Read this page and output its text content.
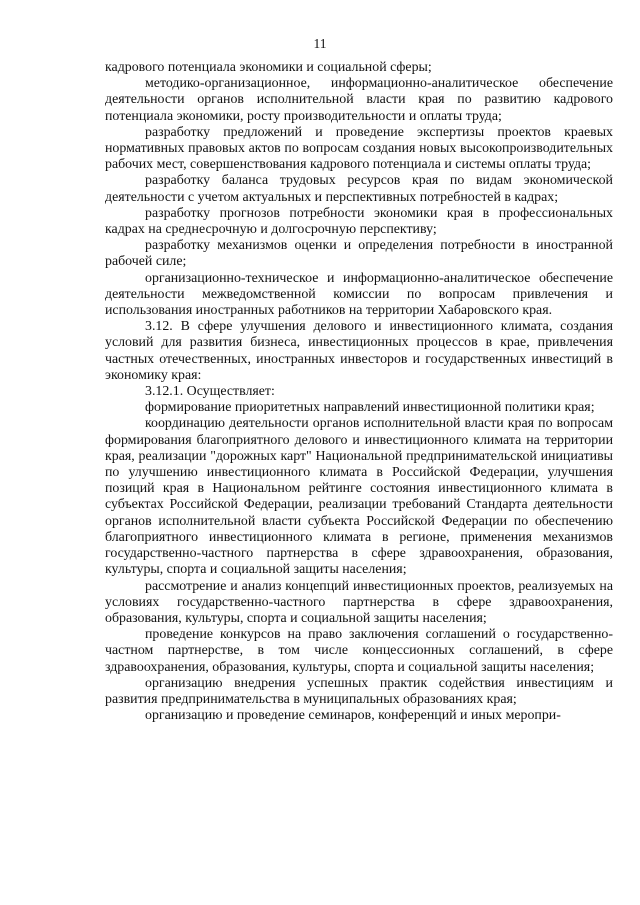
11

кадрового потенциала экономики и социальной сферы;

методико-организационное, информационно-аналитическое обеспечение деятельности органов исполнительной власти края по развитию кадрового потенциала экономики, росту производительности и оплаты труда;

разработку предложений и проведение экспертизы проектов краевых нормативных правовых актов по вопросам создания новых высокопроизводительных рабочих мест, совершенствования кадрового потенциала и системы оплаты труда;

разработку баланса трудовых ресурсов края по видам экономической деятельности с учетом актуальных и перспективных потребностей в кадрах;

разработку прогнозов потребности экономики края в профессиональных кадрах на среднесрочную и долгосрочную перспективу;

разработку механизмов оценки и определения потребности в иностранной рабочей силе;

организационно-техническое и информационно-аналитическое обеспечение деятельности межведомственной комиссии по вопросам привлечения и использования иностранных работников на территории Хабаровского края.

3.12. В сфере улучшения делового и инвестиционного климата, создания условий для развития бизнеса, инвестиционных процессов в крае, привлечения частных отечественных, иностранных инвесторов и государственных инвестиций в экономику края:

3.12.1. Осуществляет:

формирование приоритетных направлений инвестиционной политики края;

координацию деятельности органов исполнительной власти края по вопросам формирования благоприятного делового и инвестиционного климата на территории края, реализации "дорожных карт" Национальной предпринимательской инициативы по улучшению инвестиционного климата в Российской Федерации, улучшения позиций края в Национальном рейтинге состояния инвестиционного климата в субъектах Российской Федерации, реализации требований Стандарта деятельности органов исполнительной власти субъекта Российской Федерации по обеспечению благоприятного инвестиционного климата в регионе, применения механизмов государственно-частного партнерства в сфере здравоохранения, образования, культуры, спорта и социальной защиты населения;

рассмотрение и анализ концепций инвестиционных проектов, реализуемых на условиях государственно-частного партнерства в сфере здравоохранения, образования, культуры, спорта и социальной защиты населения;

проведение конкурсов на право заключения соглашений о государственно-частном партнерстве, в том числе концессионных соглашений, в сфере здравоохранения, образования, культуры, спорта и социальной защиты населения;

организацию внедрения успешных практик содействия инвестициям и развития предпринимательства в муниципальных образованиях края;

организацию и проведение семинаров, конференций и иных меропри-
